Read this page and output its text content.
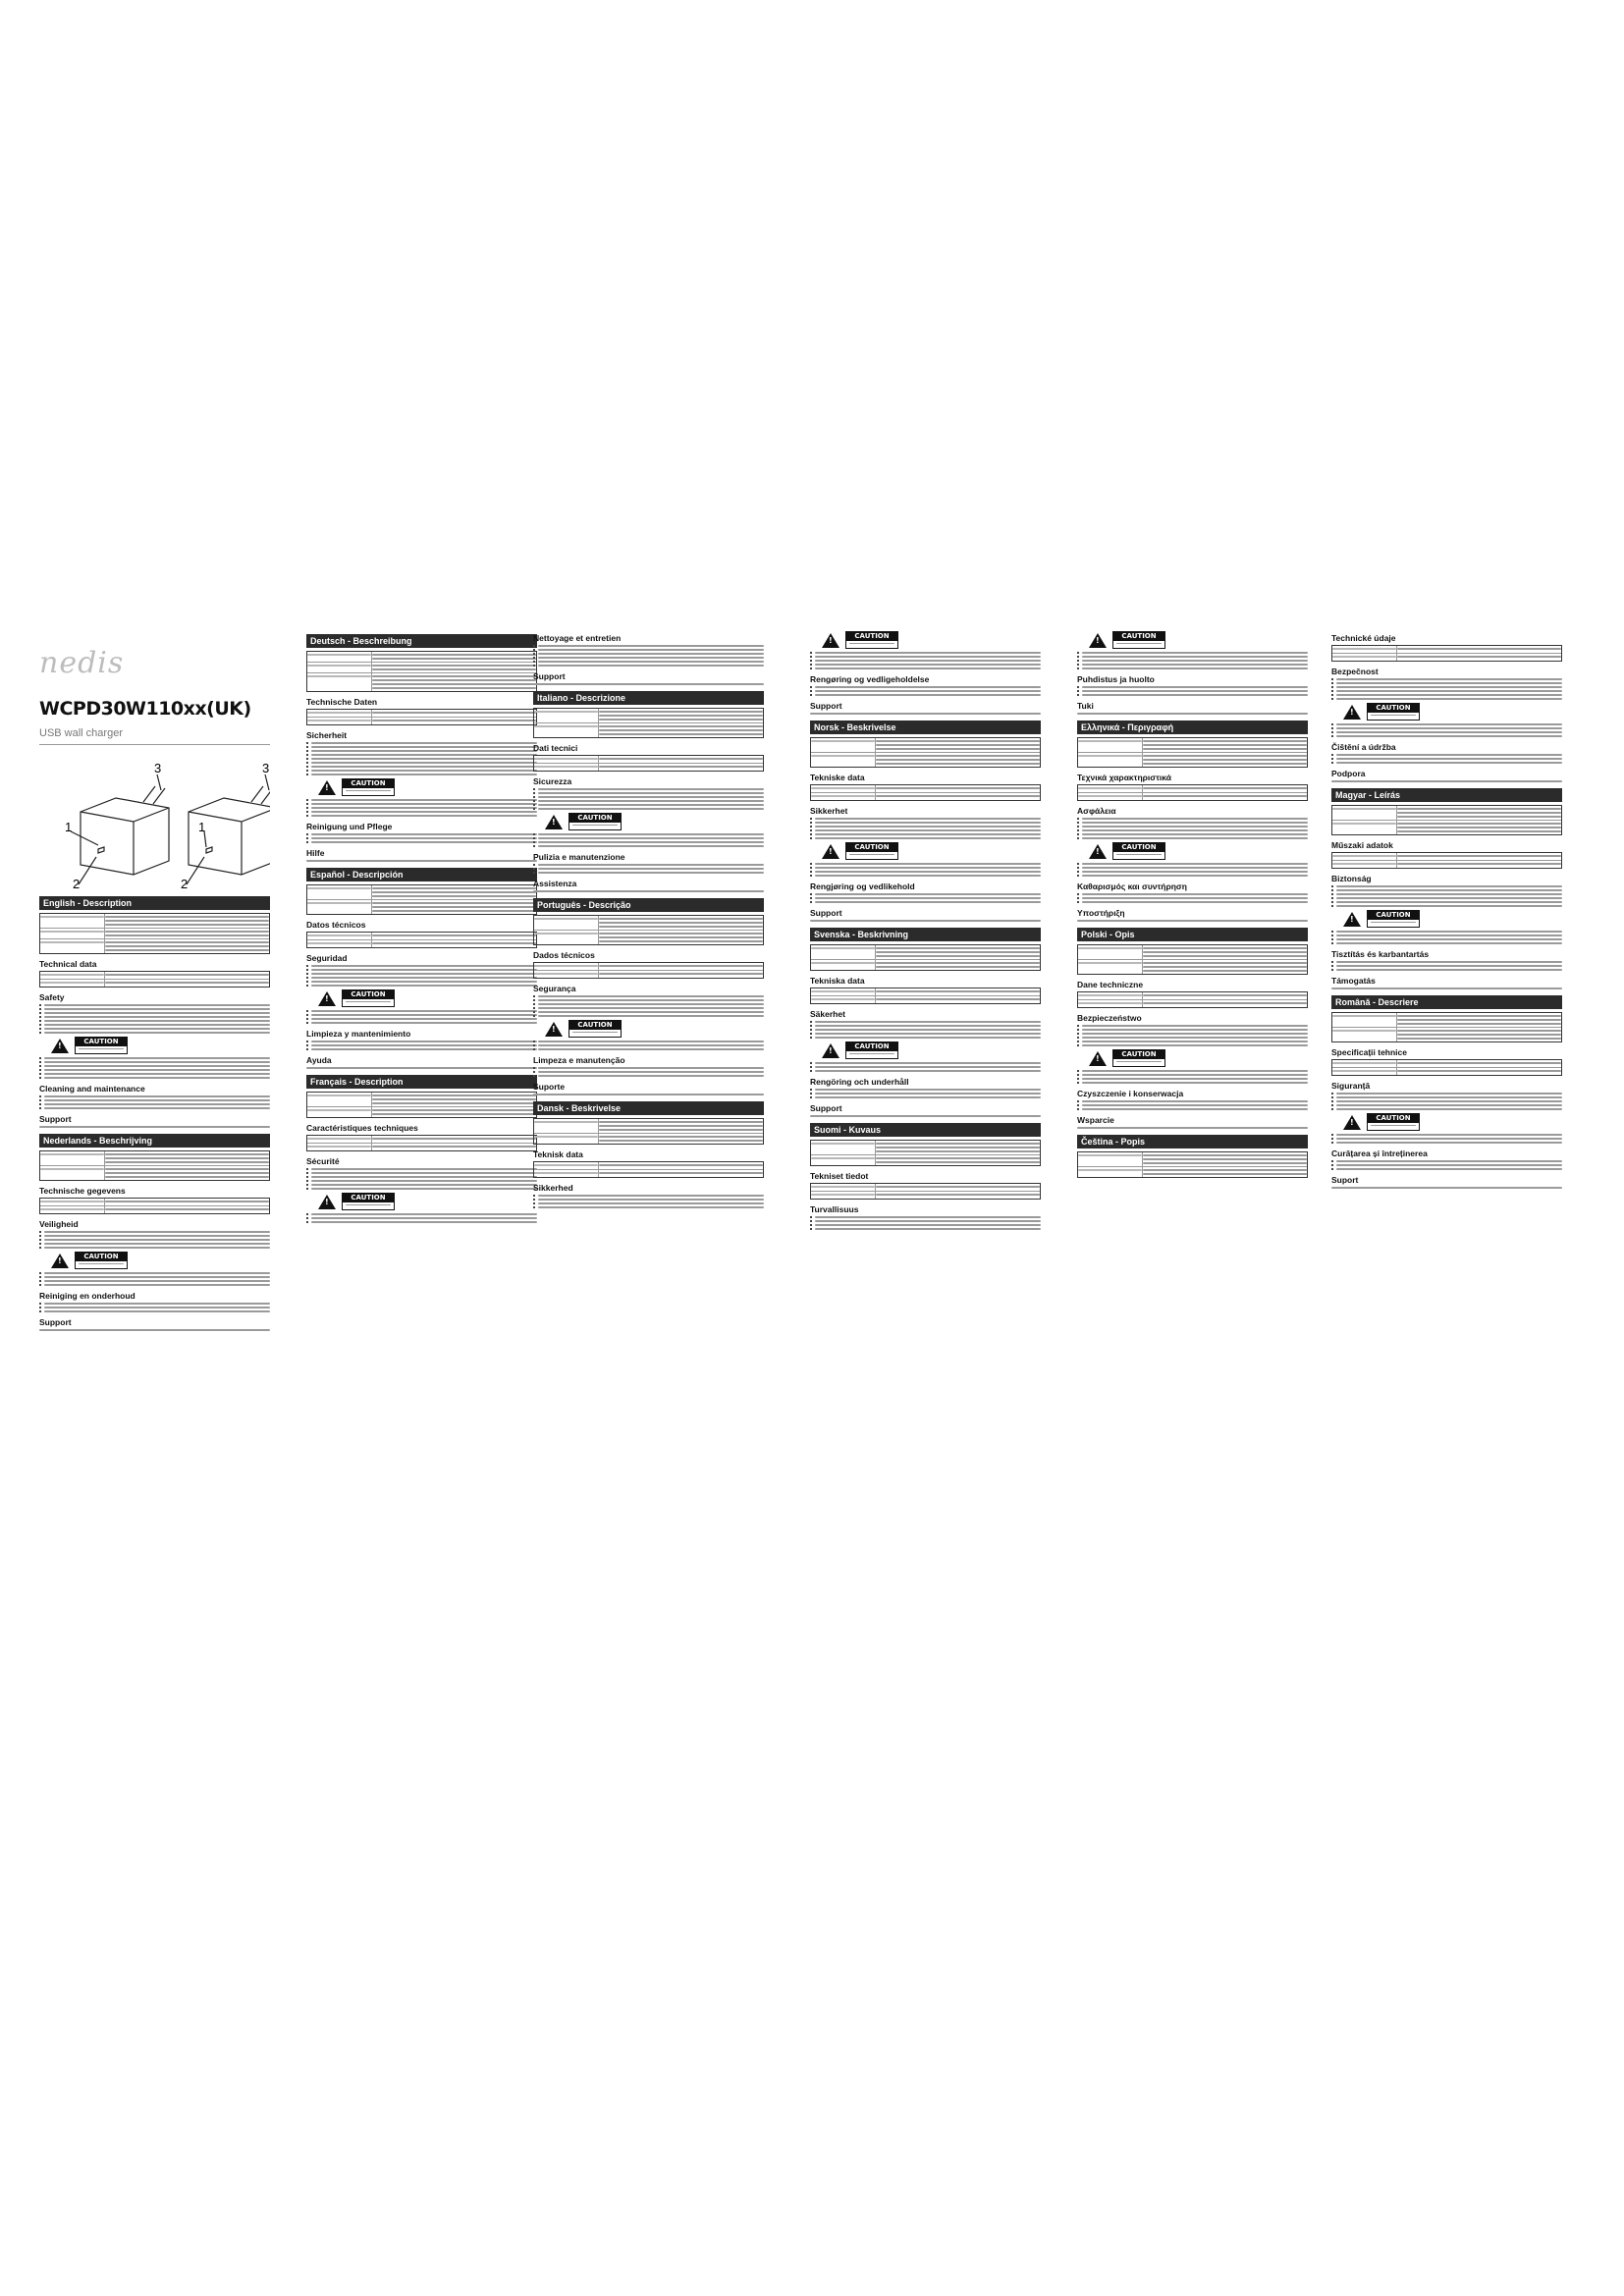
nedis
WCPD30W110xx(UK)
USB wall charger
3	3
1	1
2	2
English - Description
Technical data
Safety
!
CAUTION
Cleaning and maintenance
Support
Nederlands - Beschrijving
Technische gegevens
Veiligheid
!
CAUTION
Reiniging en onderhoud
Support
Deutsch - Beschreibung
Technische Daten
Sicherheit
!
CAUTION
Reinigung und Pflege
Hilfe
Español - Descripción
Datos técnicos
Seguridad
!
CAUTION
Limpieza y mantenimiento
Ayuda
Français - Description
Caractéristiques techniques
Sécurité
!
CAUTION
Nettoyage et entretien
Support
Italiano - Descrizione
Dati tecnici
Sicurezza
!
CAUTION
Pulizia e manutenzione
Assistenza
Português - Descrição
Dados técnicos
Segurança
!
CAUTION
Limpeza e manutenção
Suporte
Dansk - Beskrivelse
Teknisk data
Sikkerhed
!
CAUTION
Rengøring og vedligeholdelse
Support
Norsk - Beskrivelse
Tekniske data
Sikkerhet
!
CAUTION
Rengjøring og vedlikehold
Support
Svenska - Beskrivning
Tekniska data
Säkerhet
!
CAUTION
Rengöring och underhåll
Support
Suomi - Kuvaus
Tekniset tiedot
Turvallisuus
!
CAUTION
Puhdistus ja huolto
Tuki
Ελληνικά - Περιγραφή
Τεχνικά χαρακτηριστικά
Ασφάλεια
!
CAUTION
Καθαρισμός και συντήρηση
Υποστήριξη
Polski - Opis
Dane techniczne
Bezpieczeństwo
!
CAUTION
Czyszczenie i konserwacja
Wsparcie
Čeština - Popis
Technické údaje
Bezpečnost
!
CAUTION
Čištění a údržba
Podpora
Magyar - Leírás
Műszaki adatok
Biztonság
!
CAUTION
Tisztítás és karbantartás
Támogatás
Română - Descriere
Specificații tehnice
Siguranță
!
CAUTION
Curățarea și întreținerea
Suport
